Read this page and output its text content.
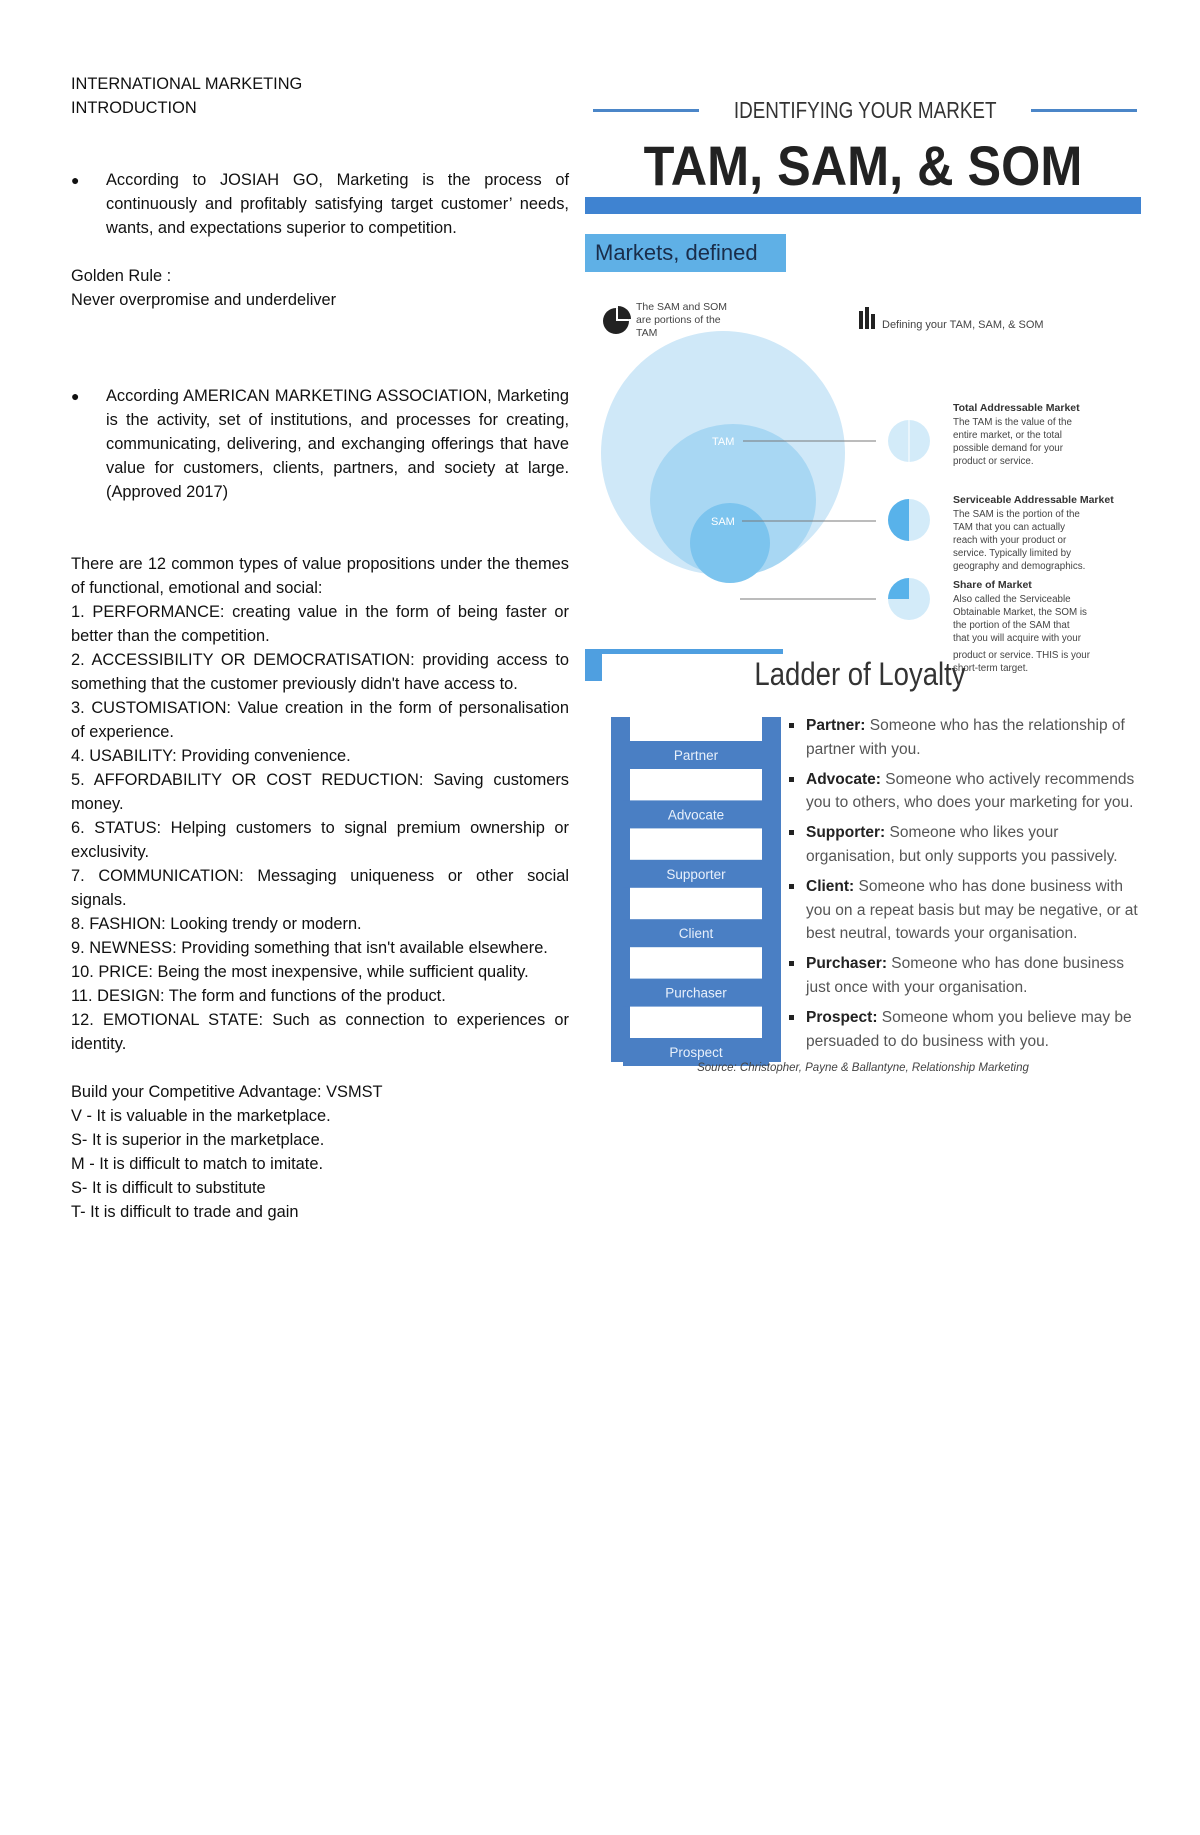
INTERNATIONAL MARKETING
INTRODUCTION
●	According to JOSIAH GO, Marketing is the process of continuously and profitably satisfying target customer’ needs, wants, and expectations superior to competition.

Golden Rule :

Never overpromise and underdeliver

●	According AMERICAN MARKETING ASSOCIATION, Marketing is the activity, set of institutions, and processes for creating, communicating, delivering, and exchanging offerings that have value for customers, clients, partners, and society at large. (Approved 2017)

There are 12 common types of value propositions under the themes of functional, emotional and social:

1. PERFORMANCE: creating value in the form of being faster or better than the competition.

2. ACCESSIBILITY OR DEMOCRATISATION: providing access to something that the customer previously didn't have access to.

3. CUSTOMISATION: Value creation in the form of personalisation of experience.

4. USABILITY: Providing convenience.

5. AFFORDABILITY OR COST REDUCTION: Saving customers money.

6. STATUS: Helping customers to signal premium ownership or exclusivity.

7. COMMUNICATION: Messaging uniqueness or other social signals.

8. FASHION: Looking trendy or modern.

9. NEWNESS: Providing something that isn't available elsewhere.

10. PRICE: Being the most inexpensive, while sufficient quality.

11. DESIGN: The form and functions of the product.

12. EMOTIONAL STATE: Such as connection to experiences or identity.

Build your Competitive Advantage: VSMST

V - It is valuable in the marketplace.

S- It is superior in the marketplace.

M - It is difficult to match to imitate.

S- It is difficult to substitute

T- It is difficult to trade and gain

IDENTIFYING YOUR MARKET
TAM, SAM, & SOM
Markets, defined
The SAM and SOM
are portions of the
TAM
Defining your TAM, SAM, & SOM
TAM
SAM
SOM
Total Addressable Market
The TAM is the value of the
entire market, or the total
possible demand for your
product or service.
Serviceable Addressable Market
The SAM is the portion of the
TAM that you can actually
reach with your product or
service. Typically limited by
geography and demographics.
Share of Market
Also called the Serviceable
Obtainable Market, the SOM is
the portion of the SAM that
that you will acquire with your
product or service. THIS is your
short-term target.
Ladder of Loyalty
Partner
Advocate
Supporter
Client
Purchaser
Prospect
Partner: Someone who has the relationship of partner with you.
Advocate: Someone who actively recommends you to others, who does your marketing for you.
Supporter: Someone who likes your organisation, but only supports you passively.
Client: Someone who has done business with you on a repeat basis but may be negative, or at best neutral, towards your organisation.
Purchaser: Someone who has done business just once with your organisation.
Prospect: Someone whom you believe may be persuaded to do business with you.
Source: Christopher, Payne & Ballantyne, Relationship Marketing
